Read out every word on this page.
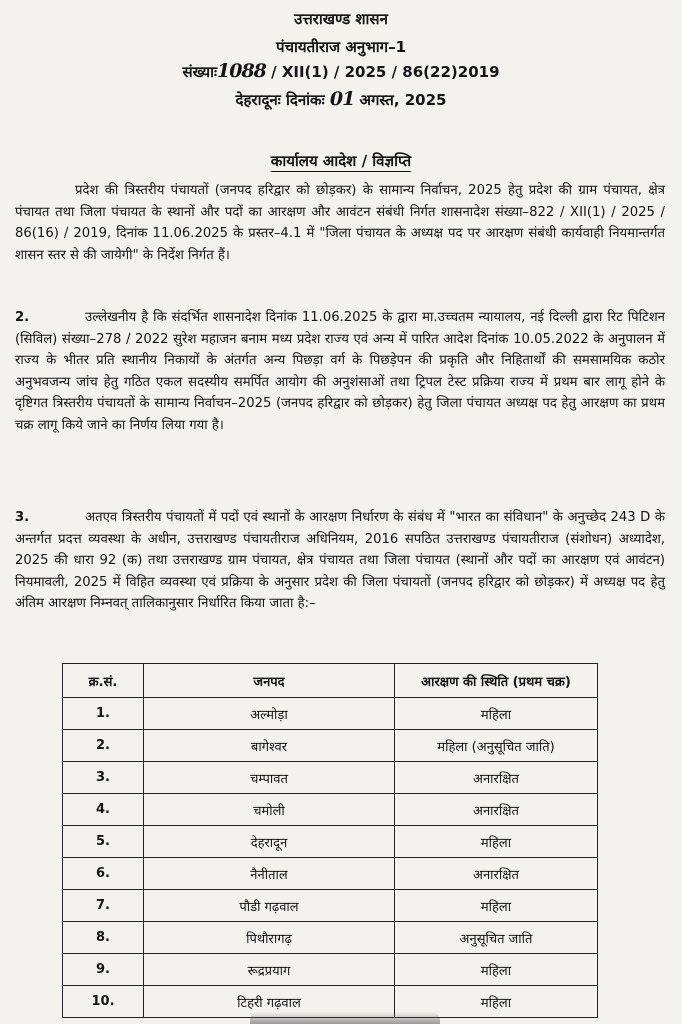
उत्तराखण्ड शासन
पंचायतीराज अनुभाग–1
संख्याः1088 / XII(1) / 2025 / 86(22)2019
देहरादूनः दिनांकः 01 अगस्त, 2025
कार्यालय आदेश / विज्ञप्ति
प्रदेश की त्रिस्तरीय पंचायतों (जनपद हरिद्वार को छोड़कर) के सामान्य निर्वाचन, 2025 हेतु प्रदेश की ग्राम पंचायत, क्षेत्र पंचायत तथा जिला पंचायत के स्थानों और पदों का आरक्षण और आवंटन संबंधी निर्गत शासनादेश संख्या–822 / XII(1) / 2025 / 86(16) / 2019, दिनांक 11.06.2025 के प्रस्तर–4.1 में "जिला पंचायत के अध्यक्ष पद पर आरक्षण संबंधी कार्यवाही नियमान्तर्गत शासन स्तर से की जायेगी" के निर्देश निर्गत हैं।
2.	उल्लेखनीय है कि संदर्भित शासनादेश दिनांक 11.06.2025 के द्वारा मा.उच्चतम न्यायालय, नई दिल्ली द्वारा रिट पिटिशन (सिविल) संख्या–278 / 2022 सुरेश महाजन बनाम मध्य प्रदेश राज्य एवं अन्य में पारित आदेश दिनांक 10.05.2022 के अनुपालन में राज्य के भीतर प्रति स्थानीय निकायों के अंतर्गत अन्य पिछड़ा वर्ग के पिछड़ेपन की प्रकृति और निहितार्थों की समसामयिक कठोर अनुभवजन्य जांच हेतु गठित एकल सदस्यीय समर्पित आयोग की अनुशंसाओं तथा ट्रिपल टेस्ट प्रक्रिया राज्य में प्रथम बार लागू होने के दृष्टिगत त्रिस्तरीय पंचायतों के सामान्य निर्वाचन–2025 (जनपद हरिद्वार को छोड़कर) हेतु जिला पंचायत अध्यक्ष पद हेतु आरक्षण का प्रथम चक्र लागू किये जाने का निर्णय लिया गया है।
3.	अतएव त्रिस्तरीय पंचायतों में पदों एवं स्थानों के आरक्षण निर्धारण के संबंध में "भारत का संविधान" के अनुच्छेद 243 D के अन्तर्गत प्रदत्त व्यवस्था के अधीन, उत्तराखण्ड पंचायतीराज अधिनियम, 2016 सपठित उत्तराखण्ड पंचायतीराज (संशोधन) अध्यादेश, 2025 की धारा 92 (क) तथा उत्तराखण्ड ग्राम पंचायत, क्षेत्र पंचायत तथा जिला पंचायत (स्थानों और पदों का आरक्षण एवं आवंटन) नियमावली, 2025 में विहित व्यवस्था एवं प्रक्रिया के अनुसार प्रदेश की जिला पंचायतों (जनपद हरिद्वार को छोड़कर) में अध्यक्ष पद हेतु अंतिम आरक्षण निम्नवत् तालिकानुसार निर्धारित किया जाता है:–
क्र.सं.	जनपद	आरक्षण की स्थिति (प्रथम चक्र)
1.	अल्मोड़ा	महिला
2.	बागेश्वर	महिला (अनुसूचित जाति)
3.	चम्पावत	अनारक्षित
4.	चमोली	अनारक्षित
5.	देहरादून	महिला
6.	नैनीताल	अनारक्षित
7.	पौडी गढ़वाल	महिला
8.	पिथौरागढ़	अनुसूचित जाति
9.	रूद्रप्रयाग	महिला
10.	टिहरी गढ़वाल	महिला
